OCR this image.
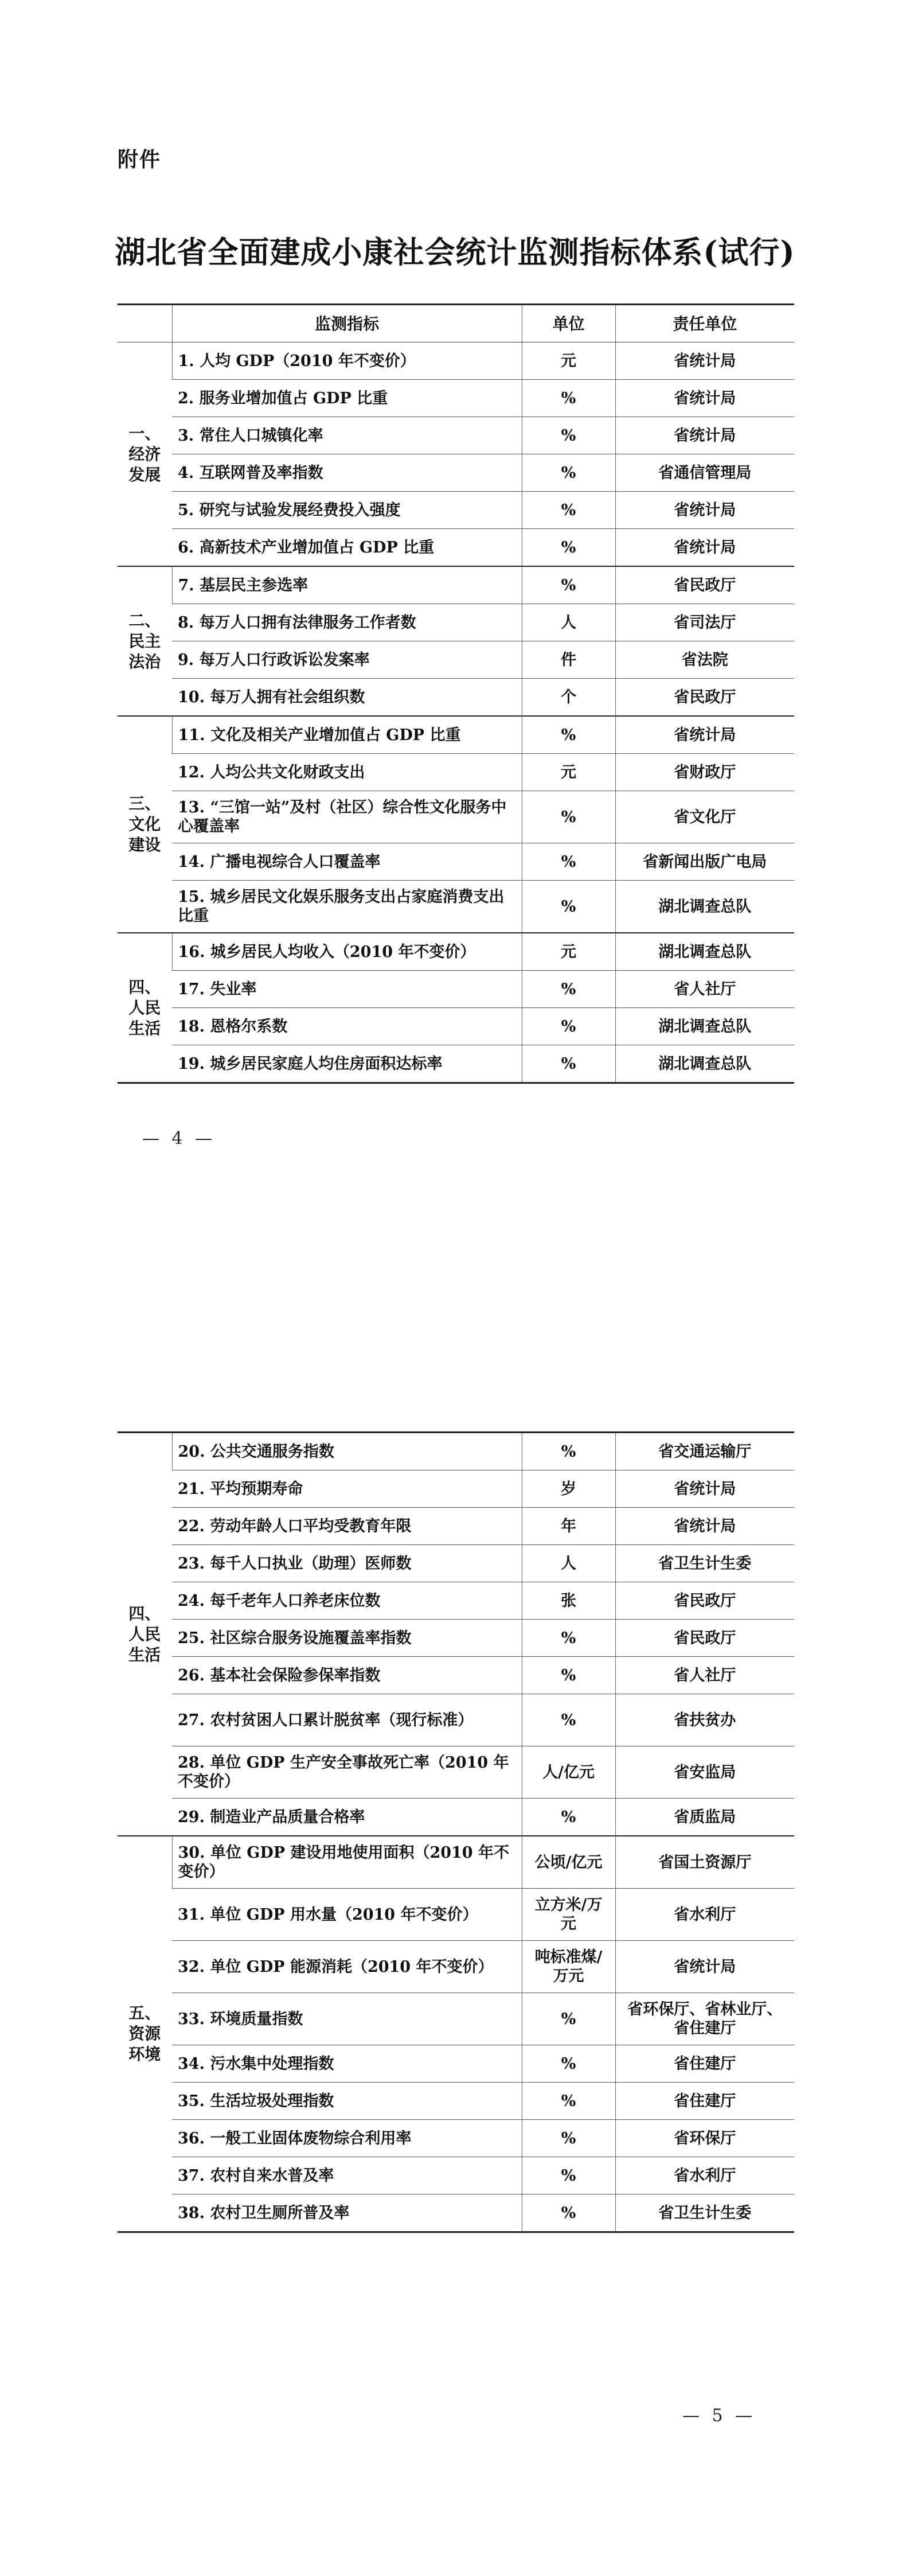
附件
湖北省全面建成小康社会统计监测指标体系(试行)
	监测指标	单位	责任单位
一、
经济
发展	1. 人均 GDP（2010 年不变价）	元	省统计局
	2. 服务业增加值占 GDP 比重	%	省统计局
	3. 常住人口城镇化率	%	省统计局
	4. 互联网普及率指数	%	省通信管理局
	5. 研究与试验发展经费投入强度	%	省统计局
	6. 高新技术产业增加值占 GDP 比重	%	省统计局
二、
民主
法治	7. 基层民主参选率	%	省民政厅
	8. 每万人口拥有法律服务工作者数	人	省司法厅
	9. 每万人口行政诉讼发案率	件	省法院
	10. 每万人拥有社会组织数	个	省民政厅
三、
文化
建设	11. 文化及相关产业增加值占 GDP 比重	%	省统计局
	12. 人均公共文化财政支出	元	省财政厅
	13. “三馆一站”及村（社区）综合性文化服务中心覆盖率	%	省文化厅
	14. 广播电视综合人口覆盖率	%	省新闻出版广电局
	15. 城乡居民文化娱乐服务支出占家庭消费支出比重	%	湖北调查总队
四、
人民
生活	16. 城乡居民人均收入（2010 年不变价）	元	湖北调查总队
	17. 失业率	%	省人社厅
	18. 恩格尔系数	%	湖北调查总队
	19. 城乡居民家庭人均住房面积达标率	%	湖北调查总队
— 4 —
四、
人民
生活	20. 公共交通服务指数	%	省交通运输厅
	21. 平均预期寿命	岁	省统计局
	22. 劳动年龄人口平均受教育年限	年	省统计局
	23. 每千人口执业（助理）医师数	人	省卫生计生委
	24. 每千老年人口养老床位数	张	省民政厅
	25. 社区综合服务设施覆盖率指数	%	省民政厅
	26. 基本社会保险参保率指数	%	省人社厅
	27. 农村贫困人口累计脱贫率（现行标准）	%	省扶贫办
	28. 单位 GDP 生产安全事故死亡率（2010 年不变价）	人/亿元	省安监局
	29. 制造业产品质量合格率	%	省质监局
五、
资源
环境	30. 单位 GDP 建设用地使用面积（2010 年不变价）	公顷/亿元	省国土资源厅
	31. 单位 GDP 用水量（2010 年不变价）	立方米/万元	省水利厅
	32. 单位 GDP 能源消耗（2010 年不变价）	吨标准煤/万元	省统计局
	33. 环境质量指数	%	省环保厅、省林业厅、省住建厅
	34. 污水集中处理指数	%	省住建厅
	35. 生活垃圾处理指数	%	省住建厅
	36. 一般工业固体废物综合利用率	%	省环保厅
	37. 农村自来水普及率	%	省水利厅
	38. 农村卫生厕所普及率	%	省卫生计生委
— 5 —
